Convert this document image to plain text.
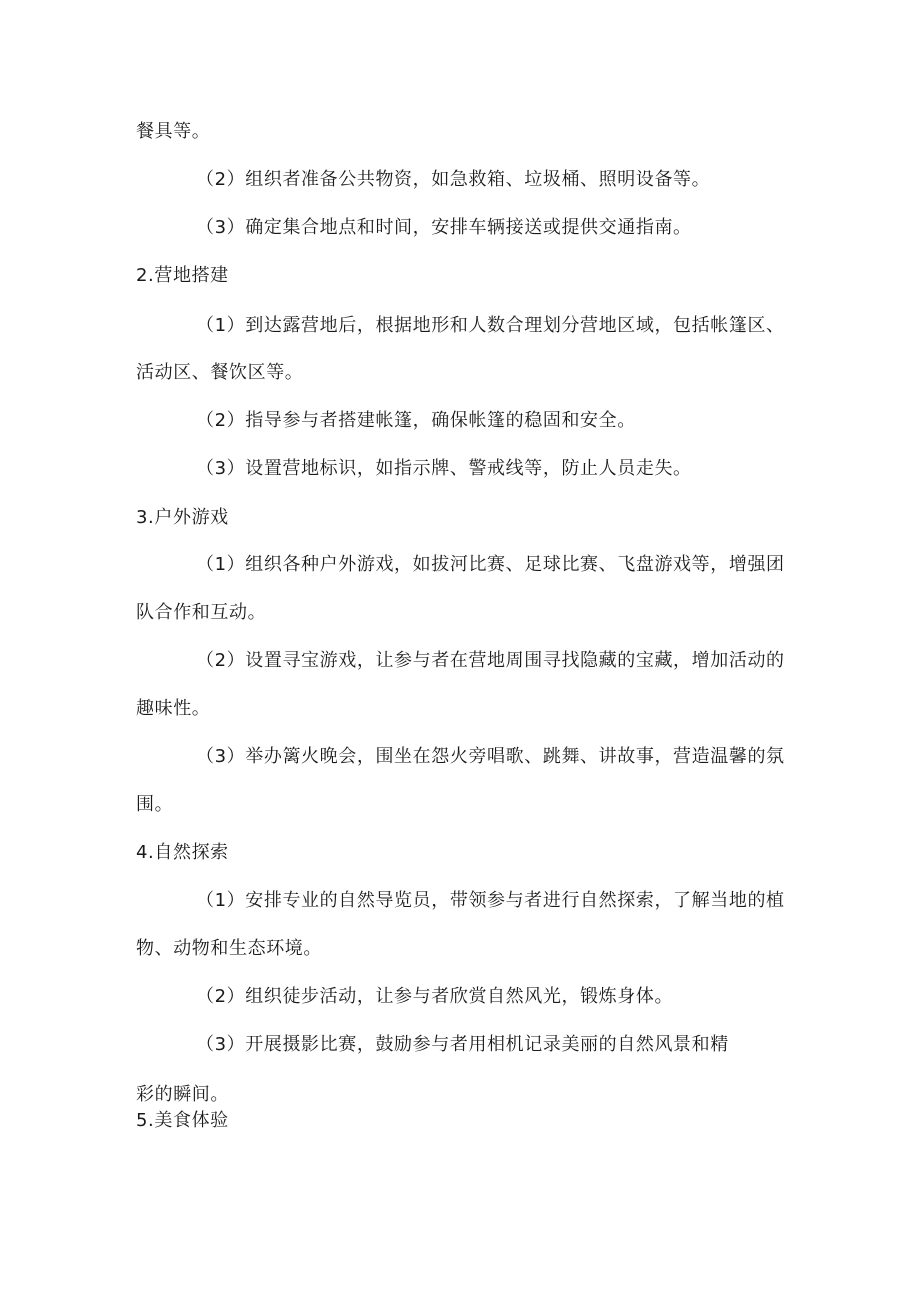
餐具等。
（2）组织者准备公共物资，如急救箱、垃圾桶、照明设备等。
（3）确定集合地点和时间，安排车辆接送或提供交通指南。
2.营地搭建
（1）到达露营地后，根据地形和人数合理划分营地区域，包括帐篷区、
活动区、餐饮区等。
（2）指导参与者搭建帐篷，确保帐篷的稳固和安全。
（3）设置营地标识，如指示牌、警戒线等，防止人员走失。
3.户外游戏
（1）组织各种户外游戏，如拔河比赛、足球比赛、飞盘游戏等，增强团
队合作和互动。
（2）设置寻宝游戏，让参与者在营地周围寻找隐藏的宝藏，增加活动的
趣味性。
（3）举办篱火晚会，围坐在怨火旁唱歌、跳舞、讲故事，营造温馨的氛
围。
4.自然探索
（1）安排专业的自然导览员，带领参与者进行自然探索，了解当地的植
物、动物和生态环境。
（2）组织徒步活动，让参与者欣赏自然风光，锻炼身体。
（3）开展摄影比赛，鼓励参与者用相机记录美丽的自然风景和精
彩的瞬间。
5.美食体验
